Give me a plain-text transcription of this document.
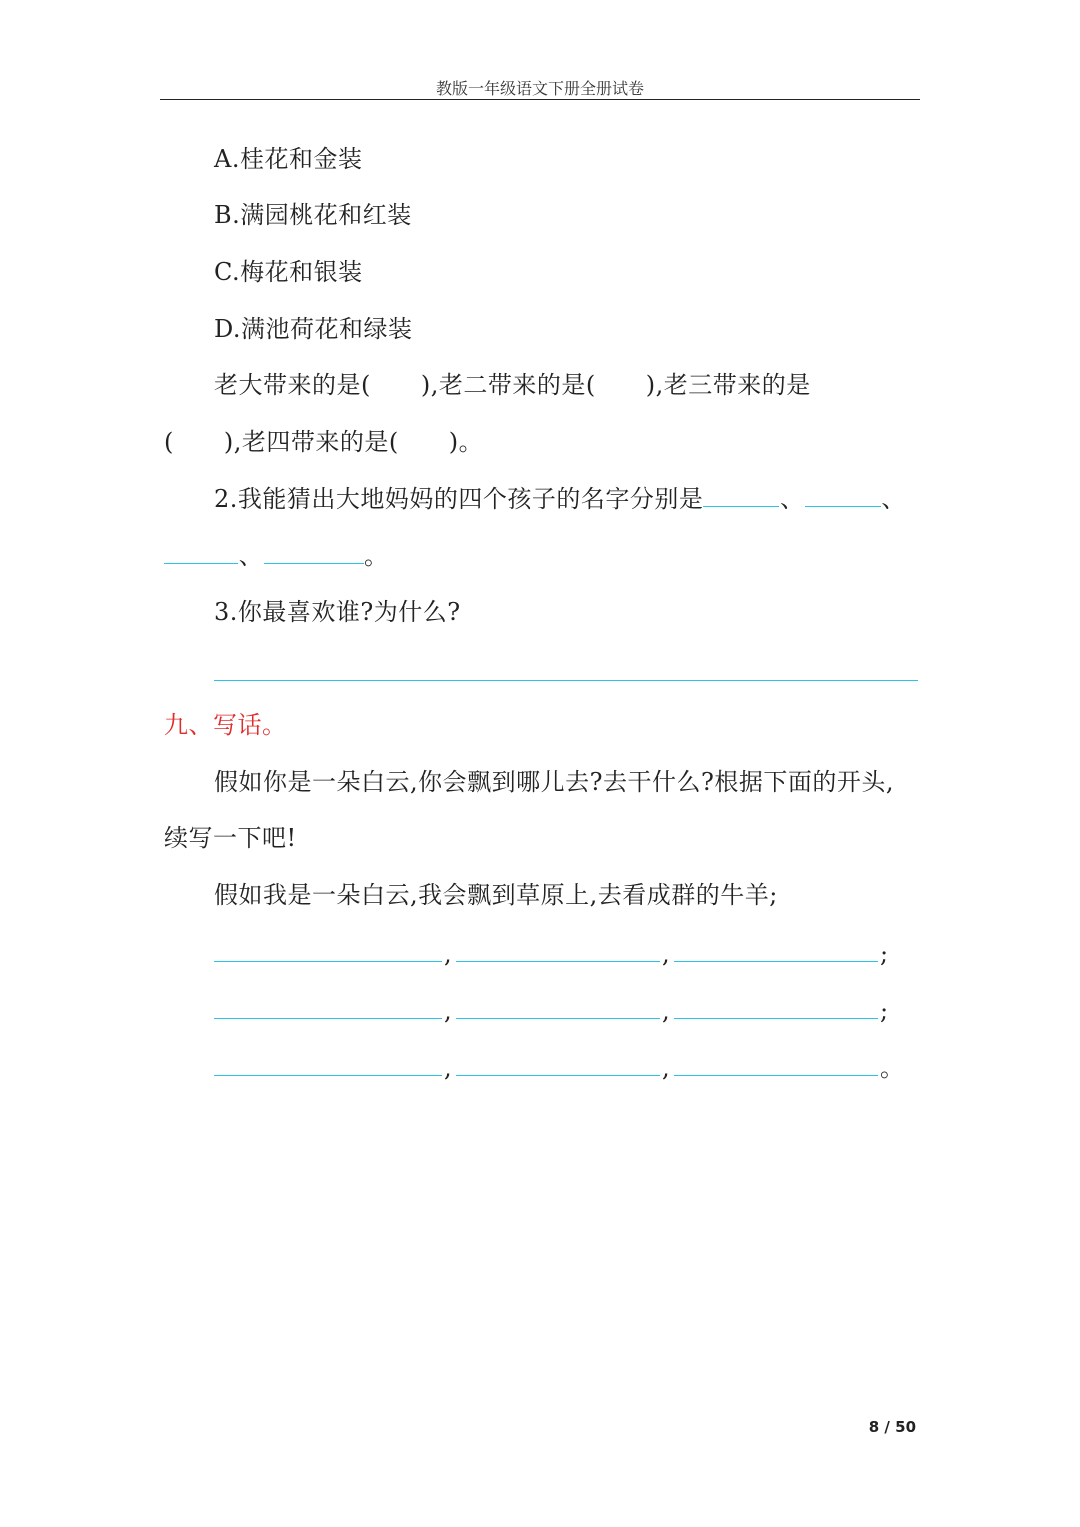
教版一年级语文下册全册试卷
A.桂花和金装
B.满园桃花和红装
C.梅花和银装
D.满池荷花和绿装
老大带来的是( ),老二带来的是( ),老三带来的是
( ),老四带来的是( )。
2.我能猜出大地妈妈的四个孩子的名字分别是	、	、
、	。
3.你最喜欢谁?为什么?
九、写话。
假如你是一朵白云,你会飘到哪儿去?去干什么?根据下面的开头,
续写一下吧!
假如我是一朵白云,我会飘到草原上,去看成群的牛羊;
,	,	;
,	,	;
,	,	。
8 / 50
